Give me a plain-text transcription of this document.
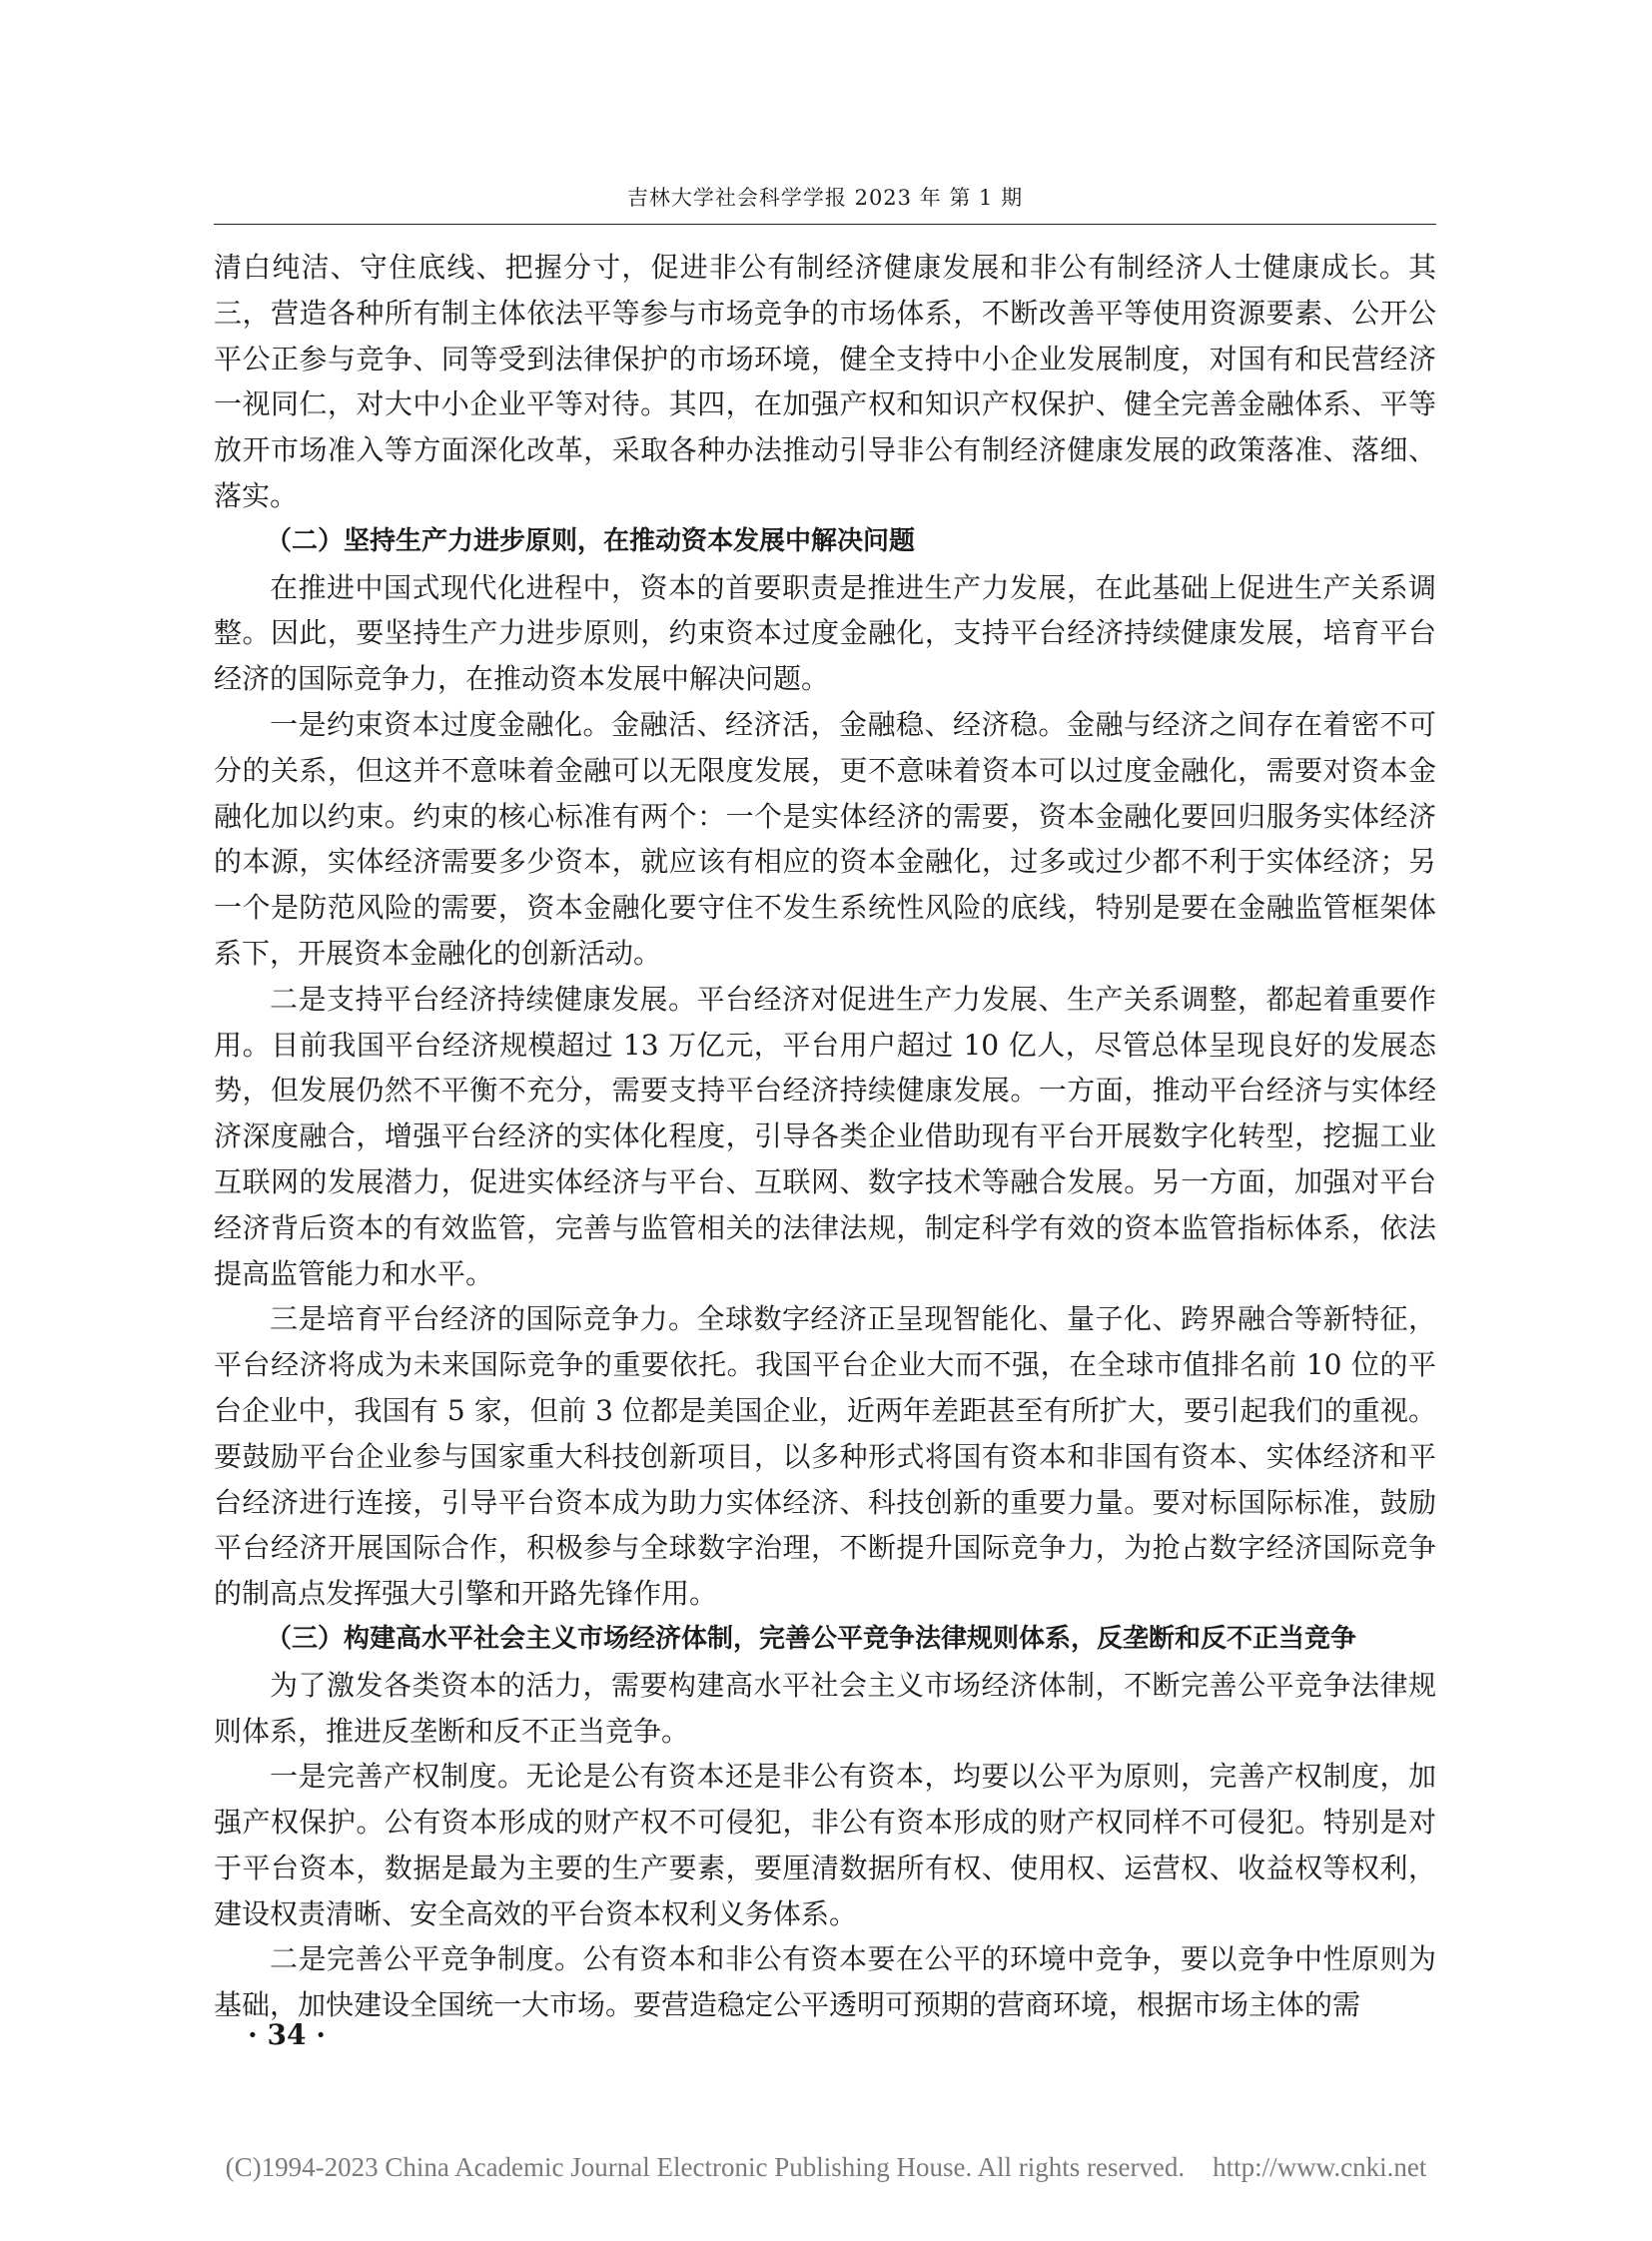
吉林大学社会科学学报 2023 年 第 1 期

清白纯洁、守住底线、把握分寸，促进非公有制经济健康发展和非公有制经济人士健康成长。其三，营造各种所有制主体依法平等参与市场竞争的市场体系，不断改善平等使用资源要素、公开公平公正参与竞争、同等受到法律保护的市场环境，健全支持中小企业发展制度，对国有和民营经济一视同仁，对大中小企业平等对待。其四，在加强产权和知识产权保护、健全完善金融体系、平等放开市场准入等方面深化改革，采取各种办法推动引导非公有制经济健康发展的政策落准、落细、落实。

（二）坚持生产力进步原则，在推动资本发展中解决问题

在推进中国式现代化进程中，资本的首要职责是推进生产力发展，在此基础上促进生产关系调整。因此，要坚持生产力进步原则，约束资本过度金融化，支持平台经济持续健康发展，培育平台经济的国际竞争力，在推动资本发展中解决问题。

一是约束资本过度金融化。金融活、经济活，金融稳、经济稳。金融与经济之间存在着密不可分的关系，但这并不意味着金融可以无限度发展，更不意味着资本可以过度金融化，需要对资本金融化加以约束。约束的核心标准有两个：一个是实体经济的需要，资本金融化要回归服务实体经济的本源，实体经济需要多少资本，就应该有相应的资本金融化，过多或过少都不利于实体经济；另一个是防范风险的需要，资本金融化要守住不发生系统性风险的底线，特别是要在金融监管框架体系下，开展资本金融化的创新活动。

二是支持平台经济持续健康发展。平台经济对促进生产力发展、生产关系调整，都起着重要作用。目前我国平台经济规模超过 13 万亿元，平台用户超过 10 亿人，尽管总体呈现良好的发展态势，但发展仍然不平衡不充分，需要支持平台经济持续健康发展。一方面，推动平台经济与实体经济深度融合，增强平台经济的实体化程度，引导各类企业借助现有平台开展数字化转型，挖掘工业互联网的发展潜力，促进实体经济与平台、互联网、数字技术等融合发展。另一方面，加强对平台经济背后资本的有效监管，完善与监管相关的法律法规，制定科学有效的资本监管指标体系，依法提高监管能力和水平。

三是培育平台经济的国际竞争力。全球数字经济正呈现智能化、量子化、跨界融合等新特征，平台经济将成为未来国际竞争的重要依托。我国平台企业大而不强，在全球市值排名前 10 位的平台企业中，我国有 5 家，但前 3 位都是美国企业，近两年差距甚至有所扩大，要引起我们的重视。要鼓励平台企业参与国家重大科技创新项目，以多种形式将国有资本和非国有资本、实体经济和平台经济进行连接，引导平台资本成为助力实体经济、科技创新的重要力量。要对标国际标准，鼓励平台经济开展国际合作，积极参与全球数字治理，不断提升国际竞争力，为抢占数字经济国际竞争的制高点发挥强大引擎和开路先锋作用。

（三）构建高水平社会主义市场经济体制，完善公平竞争法律规则体系，反垄断和反不正当竞争

为了激发各类资本的活力，需要构建高水平社会主义市场经济体制，不断完善公平竞争法律规则体系，推进反垄断和反不正当竞争。

一是完善产权制度。无论是公有资本还是非公有资本，均要以公平为原则，完善产权制度，加强产权保护。公有资本形成的财产权不可侵犯，非公有资本形成的财产权同样不可侵犯。特别是对于平台资本，数据是最为主要的生产要素，要厘清数据所有权、使用权、运营权、收益权等权利，建设权责清晰、安全高效的平台资本权利义务体系。

二是完善公平竞争制度。公有资本和非公有资本要在公平的环境中竞争，要以竞争中性原则为基础，加快建设全国统一大市场。要营造稳定公平透明可预期的营商环境，根据市场主体的需

· 34 ·
(C)1994-2023 China Academic Journal Electronic Publishing House. All rights reserved. http://www.cnki.net
